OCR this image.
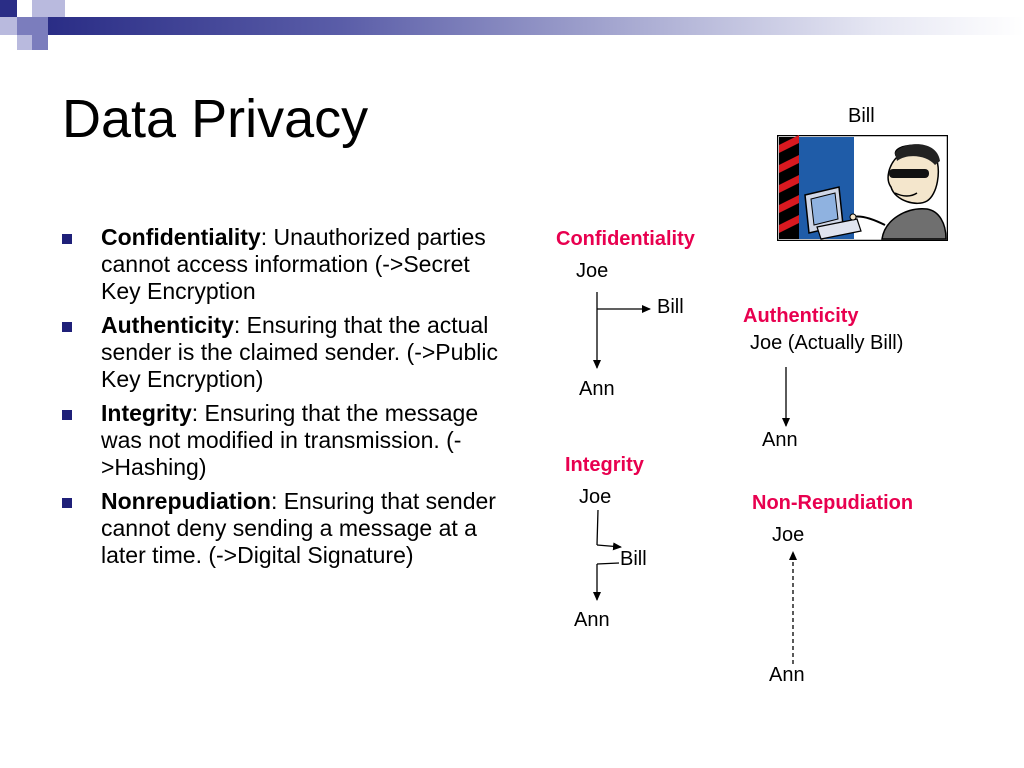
Data Privacy
Confidentiality: Unauthorized parties cannot access information (->Secret Key Encryption
Authenticity: Ensuring that the actual sender is the claimed sender. (->Public Key Encryption)
Integrity: Ensuring that the message was not modified in transmission. (->Hashing)
Nonrepudiation: Ensuring that sender cannot deny sending a message at a later time. (->Digital Signature)
Bill
Confidentiality
Joe
Bill
Ann
Authenticity
Joe (Actually Bill)
Ann
Integrity
Joe
Bill
Ann
Non-Repudiation
Joe
Ann
